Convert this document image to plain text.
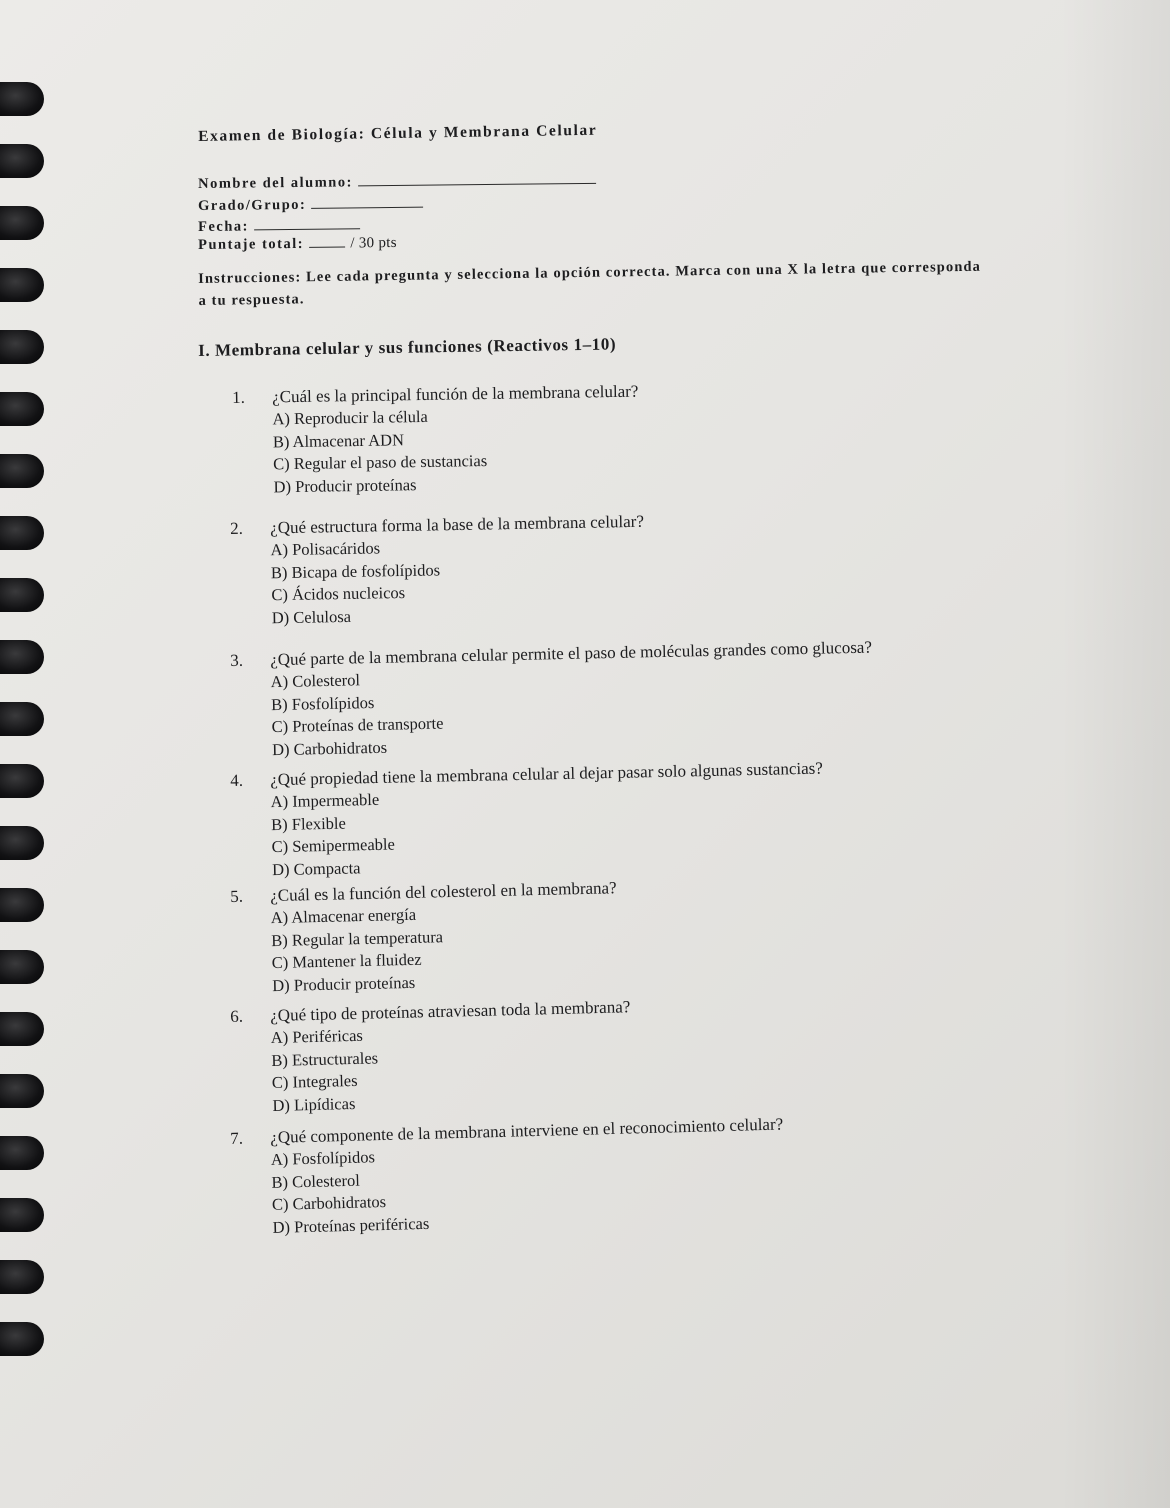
Examen de Biología: Célula y Membrana Celular
Nombre del alumno:
Grado/Grupo:
Fecha:
Puntaje total:	/ 30 pts
Instrucciones: Lee cada pregunta y selecciona la opción correcta. Marca con una X la letra que corresponda a tu respuesta.
I. Membrana celular y sus funciones (Reactivos 1–10)
1. ¿Cuál es la principal función de la membrana celular?
A) Reproducir la célula
B) Almacenar ADN
C) Regular el paso de sustancias
D) Producir proteínas
2. ¿Qué estructura forma la base de la membrana celular?
A) Polisacáridos
B) Bicapa de fosfolípidos
C) Ácidos nucleicos
D) Celulosa
3. ¿Qué parte de la membrana celular permite el paso de moléculas grandes como glucosa?
A) Colesterol
B) Fosfolípidos
C) Proteínas de transporte
D) Carbohidratos
4. ¿Qué propiedad tiene la membrana celular al dejar pasar solo algunas sustancias?
A) Impermeable
B) Flexible
C) Semipermeable
D) Compacta
5. ¿Cuál es la función del colesterol en la membrana?
A) Almacenar energía
B) Regular la temperatura
C) Mantener la fluidez
D) Producir proteínas
6. ¿Qué tipo de proteínas atraviesan toda la membrana?
A) Periféricas
B) Estructurales
C) Integrales
D) Lipídicas
7. ¿Qué componente de la membrana interviene en el reconocimiento celular?
A) Fosfolípidos
B) Colesterol
C) Carbohidratos
D) Proteínas periféricas
